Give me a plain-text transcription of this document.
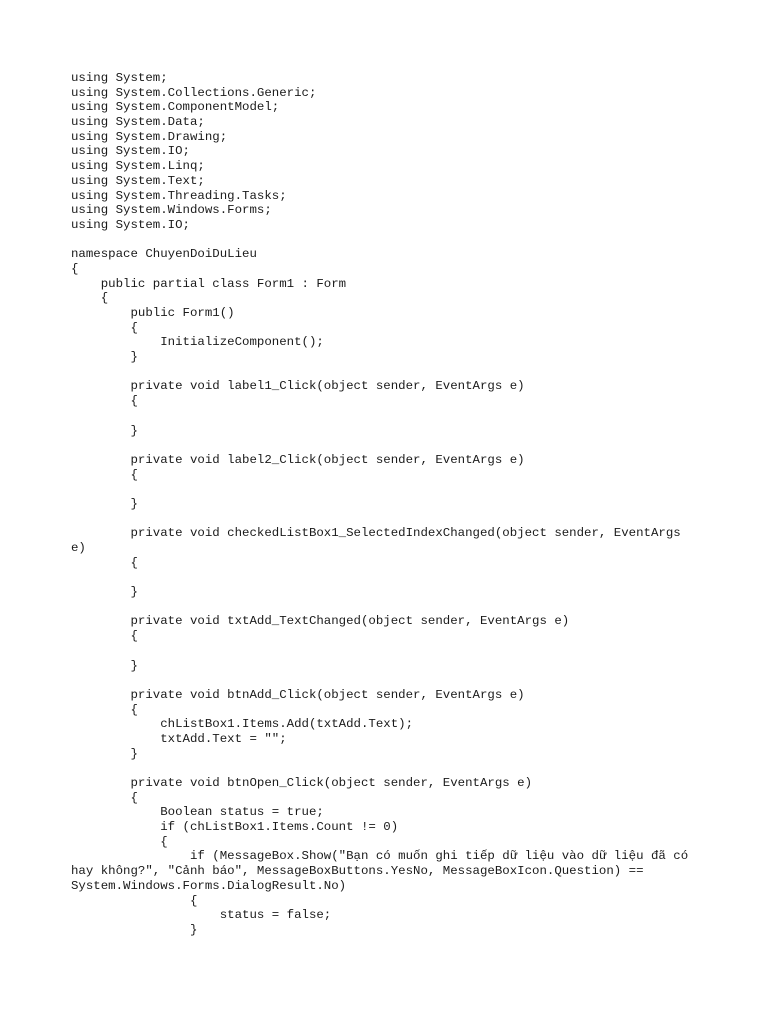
using System;
using System.Collections.Generic;
using System.ComponentModel;
using System.Data;
using System.Drawing;
using System.IO;
using System.Linq;
using System.Text;
using System.Threading.Tasks;
using System.Windows.Forms;
using System.IO;
namespace ChuyenDoiDuLieu
{
public partial class Form1 : Form
{
public Form1()
{
InitializeComponent();
}
private void label1_Click(object sender, EventArgs e)
{
}
private void label2_Click(object sender, EventArgs e)
{
}
private void checkedListBox1_SelectedIndexChanged(object sender, EventArgs
e)
{
}
private void txtAdd_TextChanged(object sender, EventArgs e)
{
}
private void btnAdd_Click(object sender, EventArgs e)
{
chListBox1.Items.Add(txtAdd.Text);
txtAdd.Text = "";
}
private void btnOpen_Click(object sender, EventArgs e)
{
Boolean status = true;
if (chListBox1.Items.Count != 0)
{
if (MessageBox.Show("Bạn có muốn ghi tiếp dữ liệu vào dữ liệu đã có
hay không?", "Cảnh báo", MessageBoxButtons.YesNo, MessageBoxIcon.Question) ==
System.Windows.Forms.DialogResult.No)
{
status = false;
}
